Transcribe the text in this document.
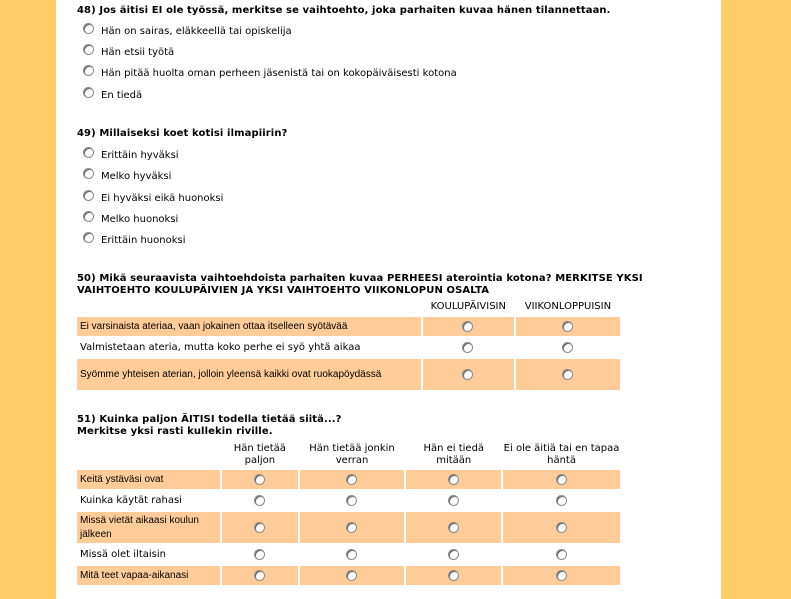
48) Jos äitisi EI ole työssä, merkitse se vaihtoehto, joka parhaiten kuvaa hänen tilannettaan.
Hän on sairas, eläkkeellä tai opiskelija
Hän etsii työtä
Hän pitää huolta oman perheen jäsenistä tai on kokopäiväisesti kotona
En tiedä
49) Millaiseksi koet kotisi ilmapiirin?
Erittäin hyväksi
Melko hyväksi
Ei hyväksi eikä huonoksi
Melko huonoksi
Erittäin huonoksi
50) Mikä seuraavista vaihtoehdoista parhaiten kuvaa PERHEESI aterointia kotona? MERKITSE YKSI
VAIHTOEHTO KOULUPÄIVIEN JA YKSI VAIHTOEHTO VIIKONLOPUN OSALTA
	KOULUPÄIVISIN	VIIKONLOPPUISIN
Ei varsinaista ateriaa, vaan jokainen ottaa itselleen syötävää	

Valmistetaan ateria, mutta koko perhe ei syö yhtä aikaa	

Syömme yhteisen aterian, jolloin yleensä kaikki ovat ruokapöydässä	

51) Kuinka paljon ÄITISI todella tietää siitä...?
Merkitse yksi rasti kullekin riville.
	Hän tietää paljon	Hän tietää jonkin verran	Hän ei tiedä mitään	Ei ole äitiä tai en tapaa häntä
Keitä ystäväsi ovat	

Kuinka käytät rahasi	

Missä vietät aikaasi koulun jälkeen	

Missä olet iltaisin	

Mitä teet vapaa-aikanasi	
